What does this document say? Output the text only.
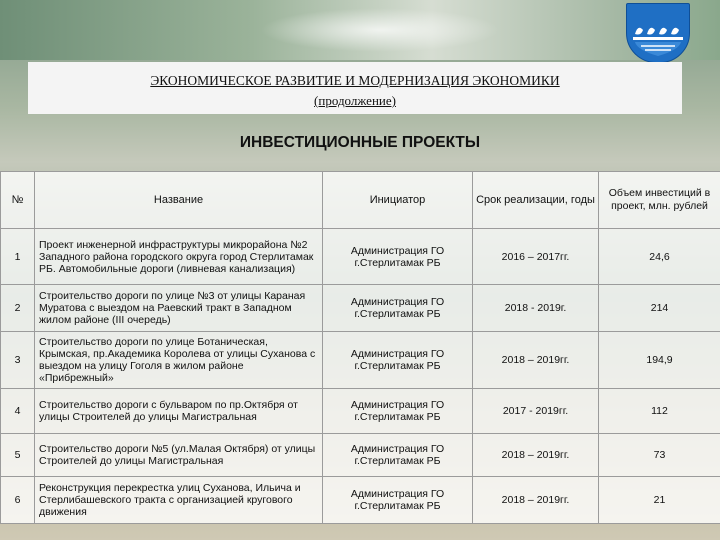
ЭКОНОМИЧЕСКОЕ РАЗВИТИЕ И МОДЕРНИЗАЦИЯ ЭКОНОМИКИ
(продолжение)
ИНВЕСТИЦИОННЫЕ ПРОЕКТЫ
№	Название	Инициатор	Срок реализации, годы	Объем инвестиций в проект, млн. рублей
1	Проект инженерной инфраструктуры микрорайона №2 Западного района городского округа город Стерлитамак РБ. Автомобильные дороги (ливневая канализация)	Администрация ГО г.Стерлитамак РБ	2016 – 2017гг.	24,6
2	Строительство дороги по улице №3 от улицы Караная Муратова с выездом на Раевский тракт в Западном жилом районе (III очередь)	Администрация ГО г.Стерлитамак РБ	2018 - 2019г.	214
3	Строительство дороги по улице Ботаническая, Крымская, пр.Академика Королева от улицы Суханова с выездом на улицу Гоголя в жилом районе «Прибрежный»	Администрация ГО г.Стерлитамак РБ	2018 – 2019гг.	194,9
4	Строительство дороги с бульваром по пр.Октября от улицы Строителей до улицы Магистральная	Администрация ГО г.Стерлитамак РБ	2017 - 2019гг.	112
5	Строительство дороги №5 (ул.Малая Октября) от улицы Строителей до улицы Магистральная	Администрация ГО г.Стерлитамак РБ	2018 – 2019гг.	73
6	Реконструкция перекрестка улиц Суханова, Ильича и Стерлибашевского тракта с организацией кругового движения	Администрация ГО г.Стерлитамак РБ	2018 – 2019гг.	21
